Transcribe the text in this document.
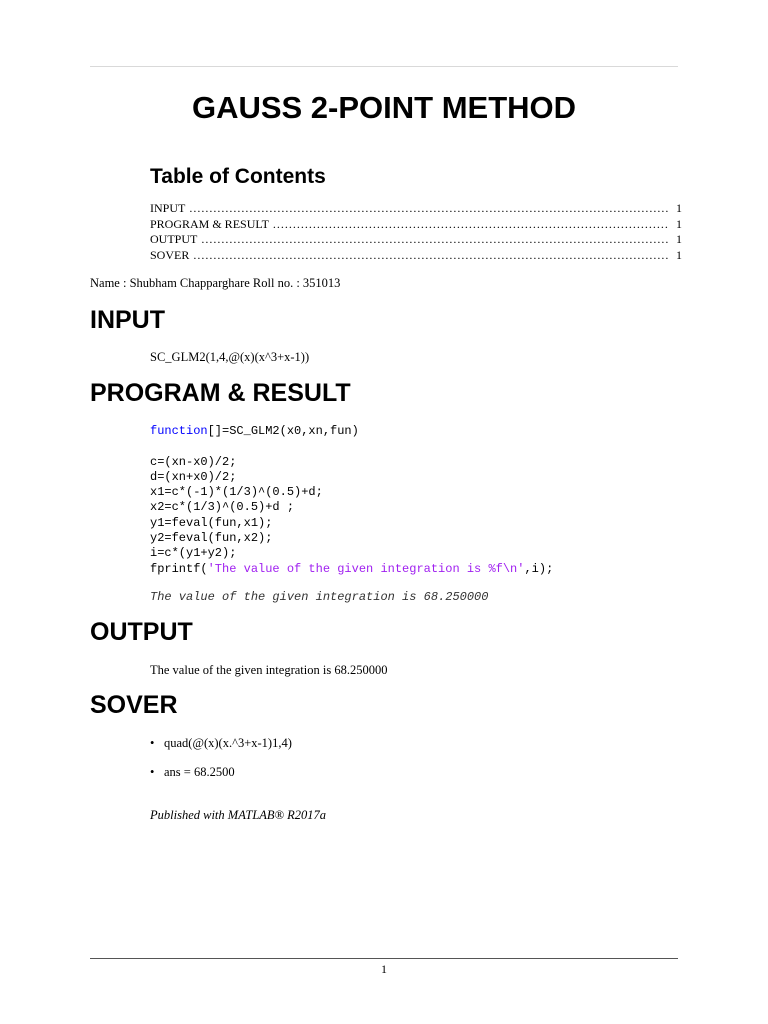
GAUSS 2-POINT METHOD
Table of Contents
INPUT .....	1
PROGRAM & RESULT .....	1
OUTPUT .....	1
SOVER .....	1
Name : Shubham Chapparghare Roll no. : 351013
INPUT
SC_GLM2(1,4,@(x)(x^3+x-1))
PROGRAM & RESULT
function[]=SC_GLM2(x0,xn,fun)

c=(xn-x0)/2;
d=(xn+x0)/2;
x1=c*(-1)*(1/3)^(0.5)+d;
x2=c*(1/3)^(0.5)+d ;
y1=feval(fun,x1);
y2=feval(fun,x2);
i=c*(y1+y2);
fprintf('The value of the given integration is %f\n',i);
The value of the given integration is 68.250000
OUTPUT
The value of the given integration is 68.250000
SOVER
• quad(@(x)(x.^3+x-1)1,4)
• ans = 68.2500
Published with MATLAB® R2017a
1
